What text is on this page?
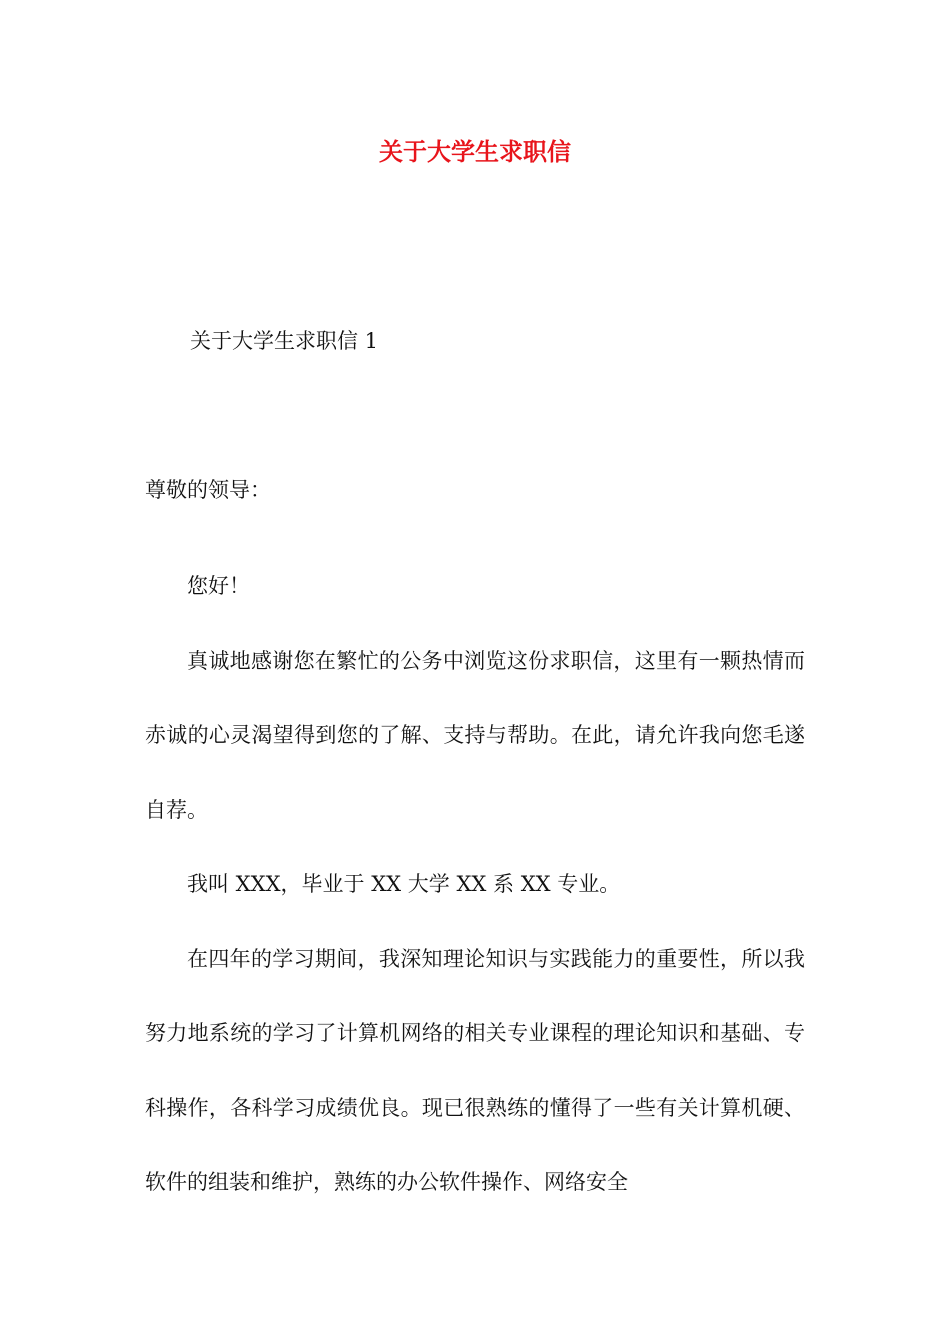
关于大学生求职信
关于大学生求职信 1
尊敬的领导：

您好！

真诚地感谢您在繁忙的公务中浏览这份求职信，这里有一颗热情而赤诚的心灵渴望得到您的了解、支持与帮助。在此，请允许我向您毛遂自荐。

我叫 XXX，毕业于 XX 大学 XX 系 XX 专业。

在四年的学习期间，我深知理论知识与实践能力的重要性，所以我努力地系统的学习了计算机网络的相关专业课程的理论知识和基础、专科操作，各科学习成绩优良。现已很熟练的懂得了一些有关计算机硬、软件的组装和维护，熟练的办公软件操作、网络安全
